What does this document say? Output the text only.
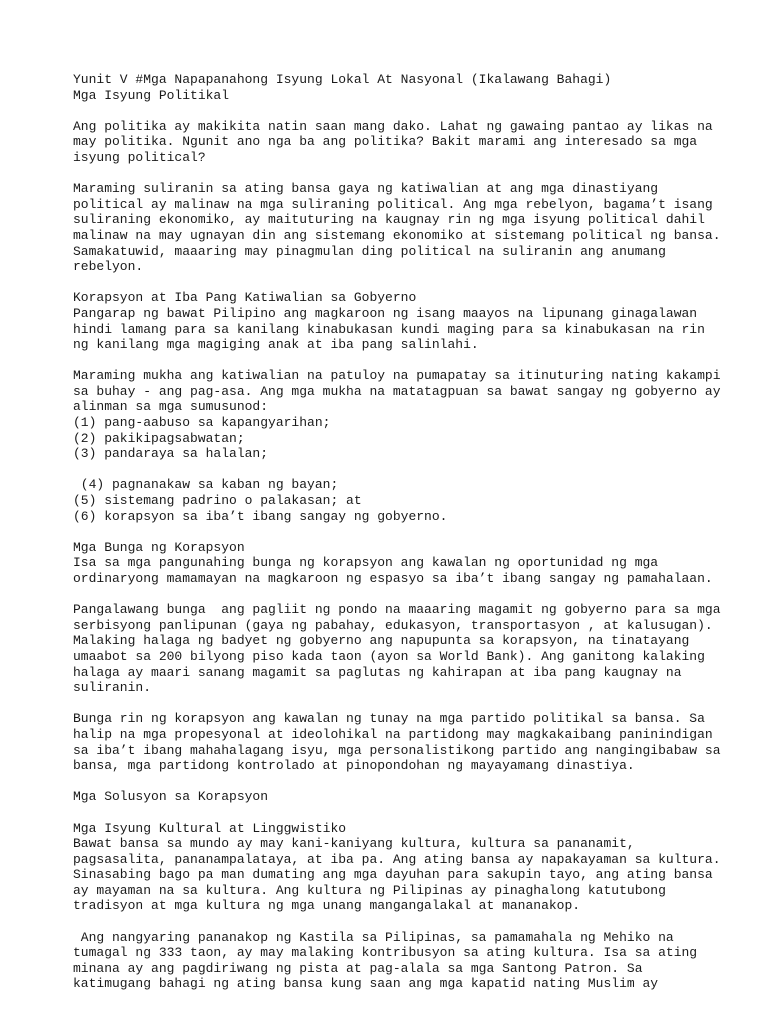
Yunit V #Mga Napapanahong Isyung Lokal At Nasyonal (Ikalawang Bahagi)
Mga Isyung Politikal
Ang politika ay makikita natin saan mang dako. Lahat ng gawaing pantao ay likas na
may politika. Ngunit ano nga ba ang politika? Bakit marami ang interesado sa mga
isyung political?
Maraming suliranin sa ating bansa gaya ng katiwalian at ang mga dinastiyang
political ay malinaw na mga suliraning political. Ang mga rebelyon, bagama’t isang
suliraning ekonomiko, ay maituturing na kaugnay rin ng mga isyung political dahil
malinaw na may ugnayan din ang sistemang ekonomiko at sistemang political ng bansa.
Samakatuwid, maaaring may pinagmulan ding political na suliranin ang anumang
rebelyon.
Korapsyon at Iba Pang Katiwalian sa Gobyerno
Pangarap ng bawat Pilipino ang magkaroon ng isang maayos na lipunang ginagalawan
hindi lamang para sa kanilang kinabukasan kundi maging para sa kinabukasan na rin
ng kanilang mga magiging anak at iba pang salinlahi.
Maraming mukha ang katiwalian na patuloy na pumapatay sa itinuturing nating kakampi
sa buhay - ang pag-asa. Ang mga mukha na matatagpuan sa bawat sangay ng gobyerno ay
alinman sa mga sumusunod:
(1) pang-aabuso sa kapangyarihan;
(2) pakikipagsabwatan;
(3) pandaraya sa halalan;
(4) pagnanakaw sa kaban ng bayan;
(5) sistemang padrino o palakasan; at
(6) korapsyon sa iba’t ibang sangay ng gobyerno.
Mga Bunga ng Korapsyon
Isa sa mga pangunahing bunga ng korapsyon ang kawalan ng oportunidad ng mga
ordinaryong mamamayan na magkaroon ng espasyo sa iba’t ibang sangay ng pamahalaan.
Pangalawang bunga  ang pagliit ng pondo na maaaring magamit ng gobyerno para sa mga
serbisyong panlipunan (gaya ng pabahay, edukasyon, transportasyon , at kalusugan).
Malaking halaga ng badyet ng gobyerno ang napupunta sa korapsyon, na tinatayang
umaabot sa 200 bilyong piso kada taon (ayon sa World Bank). Ang ganitong kalaking
halaga ay maari sanang magamit sa paglutas ng kahirapan at iba pang kaugnay na
suliranin.
Bunga rin ng korapsyon ang kawalan ng tunay na mga partido politikal sa bansa. Sa
halip na mga propesyonal at ideolohikal na partidong may magkakaibang paninindigan
sa iba’t ibang mahahalagang isyu, mga personalistikong partido ang nangingibabaw sa
bansa, mga partidong kontrolado at pinopondohan ng mayayamang dinastiya.
Mga Solusyon sa Korapsyon
Mga Isyung Kultural at Linggwistiko
Bawat bansa sa mundo ay may kani-kaniyang kultura, kultura sa pananamit,
pagsasalita, pananampalataya, at iba pa. Ang ating bansa ay napakayaman sa kultura.
Sinasabing bago pa man dumating ang mga dayuhan para sakupin tayo, ang ating bansa
ay mayaman na sa kultura. Ang kultura ng Pilipinas ay pinaghalong katutubong
tradisyon at mga kultura ng mga unang mangangalakal at mananakop.
Ang nangyaring pananakop ng Kastila sa Pilipinas, sa pamamahala ng Mehiko na
tumagal ng 333 taon, ay may malaking kontribusyon sa ating kultura. Isa sa ating
minana ay ang pagdiriwang ng pista at pag-alala sa mga Santong Patron. Sa
katimugang bahagi ng ating bansa kung saan ang mga kapatid nating Muslim ay
